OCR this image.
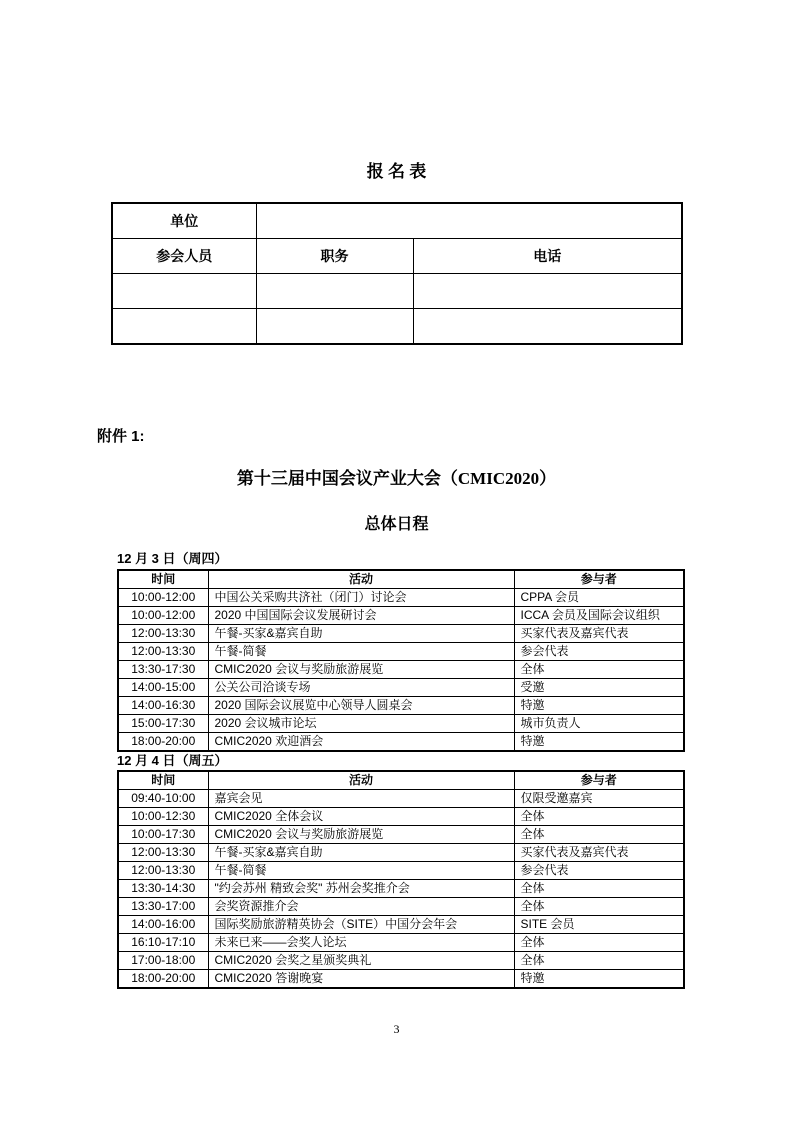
报 名 表
单位		
参会人员	职务	电话

附件 1:
第十三届中国会议产业大会（CMIC2020）
总体日程
12 月 3 日（周四）
时间	活动	参与者
10:00-12:00	中国公关采购共济社（闭门）讨论会	CPPA 会员
10:00-12:00	2020 中国国际会议发展研讨会	ICCA 会员及国际会议组织
12:00-13:30	午餐-买家&嘉宾自助	买家代表及嘉宾代表
12:00-13:30	午餐-简餐	参会代表
13:30-17:30	CMIC2020 会议与奖励旅游展览	全体
14:00-15:00	公关公司洽谈专场	受邀
14:00-16:30	2020 国际会议展览中心领导人圆桌会	特邀
15:00-17:30	2020 会议城市论坛	城市负责人
18:00-20:00	CMIC2020 欢迎酒会	特邀
12 月 4 日（周五）
时间	活动	参与者
09:40-10:00	嘉宾会见	仅限受邀嘉宾
10:00-12:30	CMIC2020 全体会议	全体
10:00-17:30	CMIC2020 会议与奖励旅游展览	全体
12:00-13:30	午餐-买家&嘉宾自助	买家代表及嘉宾代表
12:00-13:30	午餐-简餐	参会代表
13:30-14:30	"约会苏州 精致会奖" 苏州会奖推介会	全体
13:30-17:00	会奖资源推介会	全体
14:00-16:00	国际奖励旅游精英协会（SITE）中国分会年会	SITE 会员
16:10-17:10	未来已来——会奖人论坛	全体
17:00-18:00	CMIC2020 会奖之星颁奖典礼	全体
18:00-20:00	CMIC2020 答谢晚宴	特邀
3
